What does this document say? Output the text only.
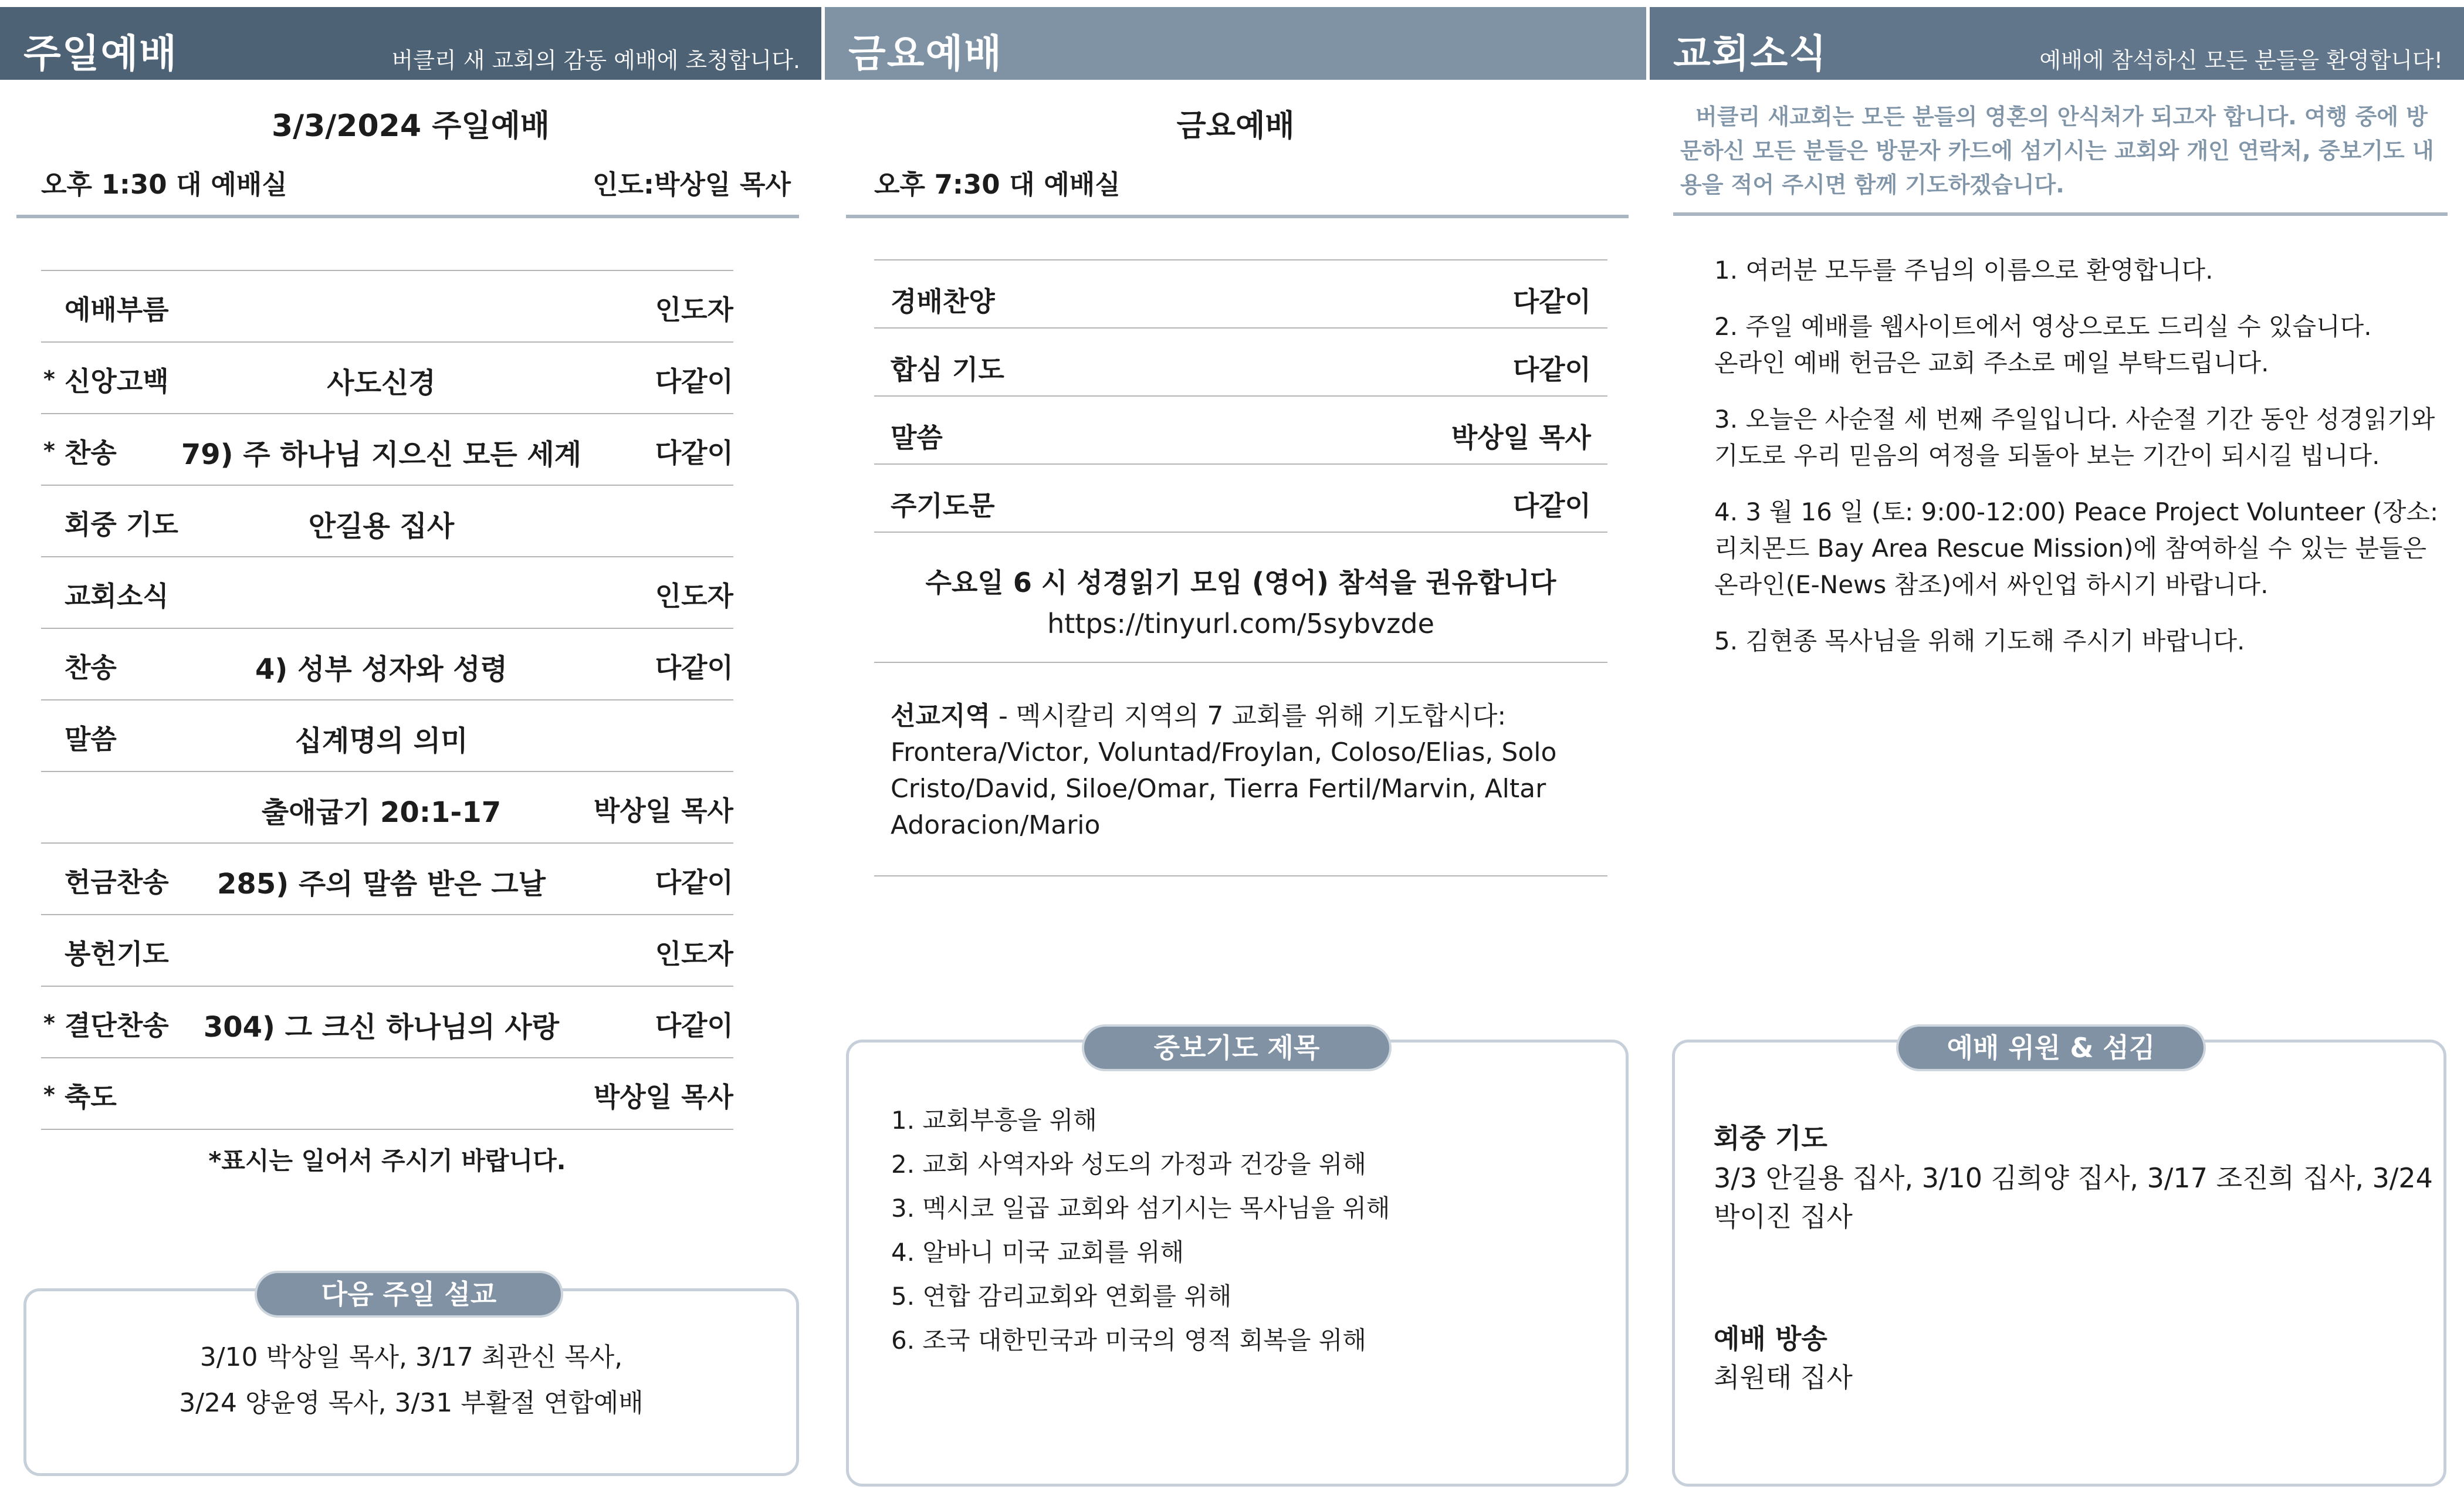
주일예배	버클리 새 교회의 감동 예배에 초청합니다.
3/3/2024 주일예배
오후 1:30 대 예배실	인도:박상일 목사
예배부름	인도자
* 신앙고백	사도신경	다같이
* 찬송	79) 주 하나님 지으신 모든 세계	다같이
회중 기도	안길용 집사
교회소식	인도자
찬송	4) 성부 성자와 성령	다같이
말씀	십계명의 의미
출애굽기 20:1-17	박상일 목사
헌금찬송	285) 주의 말씀 받은 그날	다같이
봉헌기도	인도자
* 결단찬송	304) 그 크신 하나님의 사랑	다같이
* 축도	박상일 목사
*표시는 일어서 주시기 바랍니다.
3/10 박상일 목사, 3/17 최관신 목사,
3/24 양윤영 목사, 3/31 부활절 연합예배
다음 주일 설교
금요예배
금요예배
오후 7:30 대 예배실
경배찬양	다같이
합심 기도	다같이
말씀	박상일 목사
주기도문	다같이
수요일 6 시 성경읽기 모임 (영어) 참석을 권유합니다
https://tinyurl.com/5sybvzde
선교지역 - 멕시칼리 지역의 7 교회를 위해 기도합시다:
Frontera/Victor, Voluntad/Froylan, Coloso/Elias, Solo
Cristo/David, Siloe/Omar, Tierra Fertil/Marvin, Altar
Adoracion/Mario
1. 교회부흥을 위해
2. 교회 사역자와 성도의 가정과 건강을 위해
3. 멕시코 일곱 교회와 섬기시는 목사님을 위해
4. 알바니 미국 교회를 위해
5. 연합 감리교회와 연회를 위해
6. 조국 대한민국과 미국의 영적 회복을 위해
중보기도 제목
교회소식	예배에 참석하신 모든 분들을 환영합니다!
버클리 새교회는 모든 분들의 영혼의 안식처가 되고자 합니다. 여행 중에 방문하신 모든 분들은 방문자 카드에 섬기시는 교회와 개인 연락처, 중보기도 내용을 적어 주시면 함께 기도하겠습니다.

1. 여러분 모두를 주님의 이름으로 환영합니다.

2. 주일 예배를 웹사이트에서 영상으로도 드리실 수 있습니다.
온라인 예배 헌금은 교회 주소로 메일 부탁드립니다.

3. 오늘은 사순절 세 번째 주일입니다. 사순절 기간 동안 성경읽기와
기도로 우리 믿음의 여정을 되돌아 보는 기간이 되시길 빕니다.

4. 3 월 16 일 (토: 9:00-12:00) Peace Project Volunteer (장소:
리치몬드 Bay Area Rescue Mission)에 참여하실 수 있는 분들은
온라인(E-News 참조)에서 싸인업 하시기 바랍니다.

5. 김현종 목사님을 위해 기도해 주시기 바랍니다.

회중 기도
3/3 안길용 집사, 3/10 김희양 집사, 3/17 조진희 집사, 3/24
박이진 집사
예배 방송
최원태 집사
예배 위원 & 섬김
